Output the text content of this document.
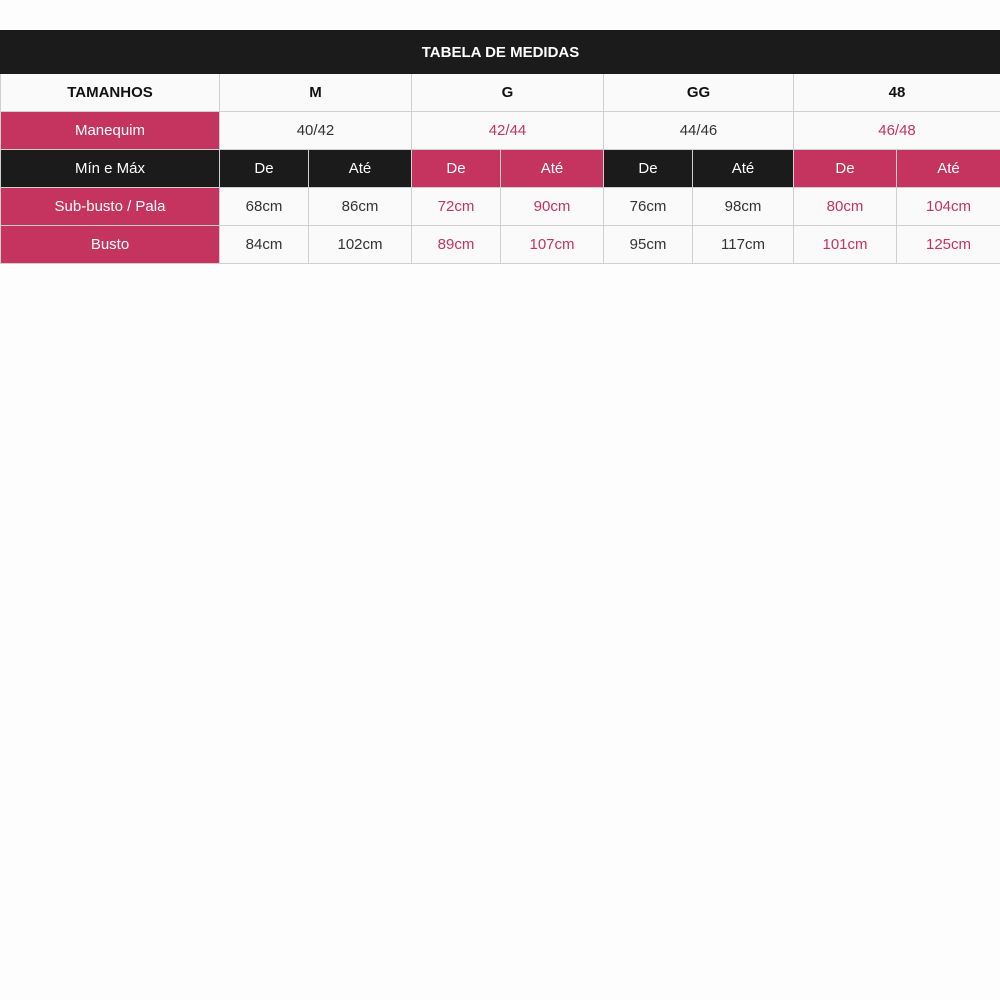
TABELA DE MEDIDAS								
TAMANHOS	M		G		GG		48	
Manequim	40/42		42/44		44/46		46/48	
Mín e Máx	De	Até	De	Até	De	Até	De	Até
Sub-busto / Pala	68cm	86cm	72cm	90cm	76cm	98cm	80cm	104cm
Busto	84cm	102cm	89cm	107cm	95cm	117cm	101cm	125cm
